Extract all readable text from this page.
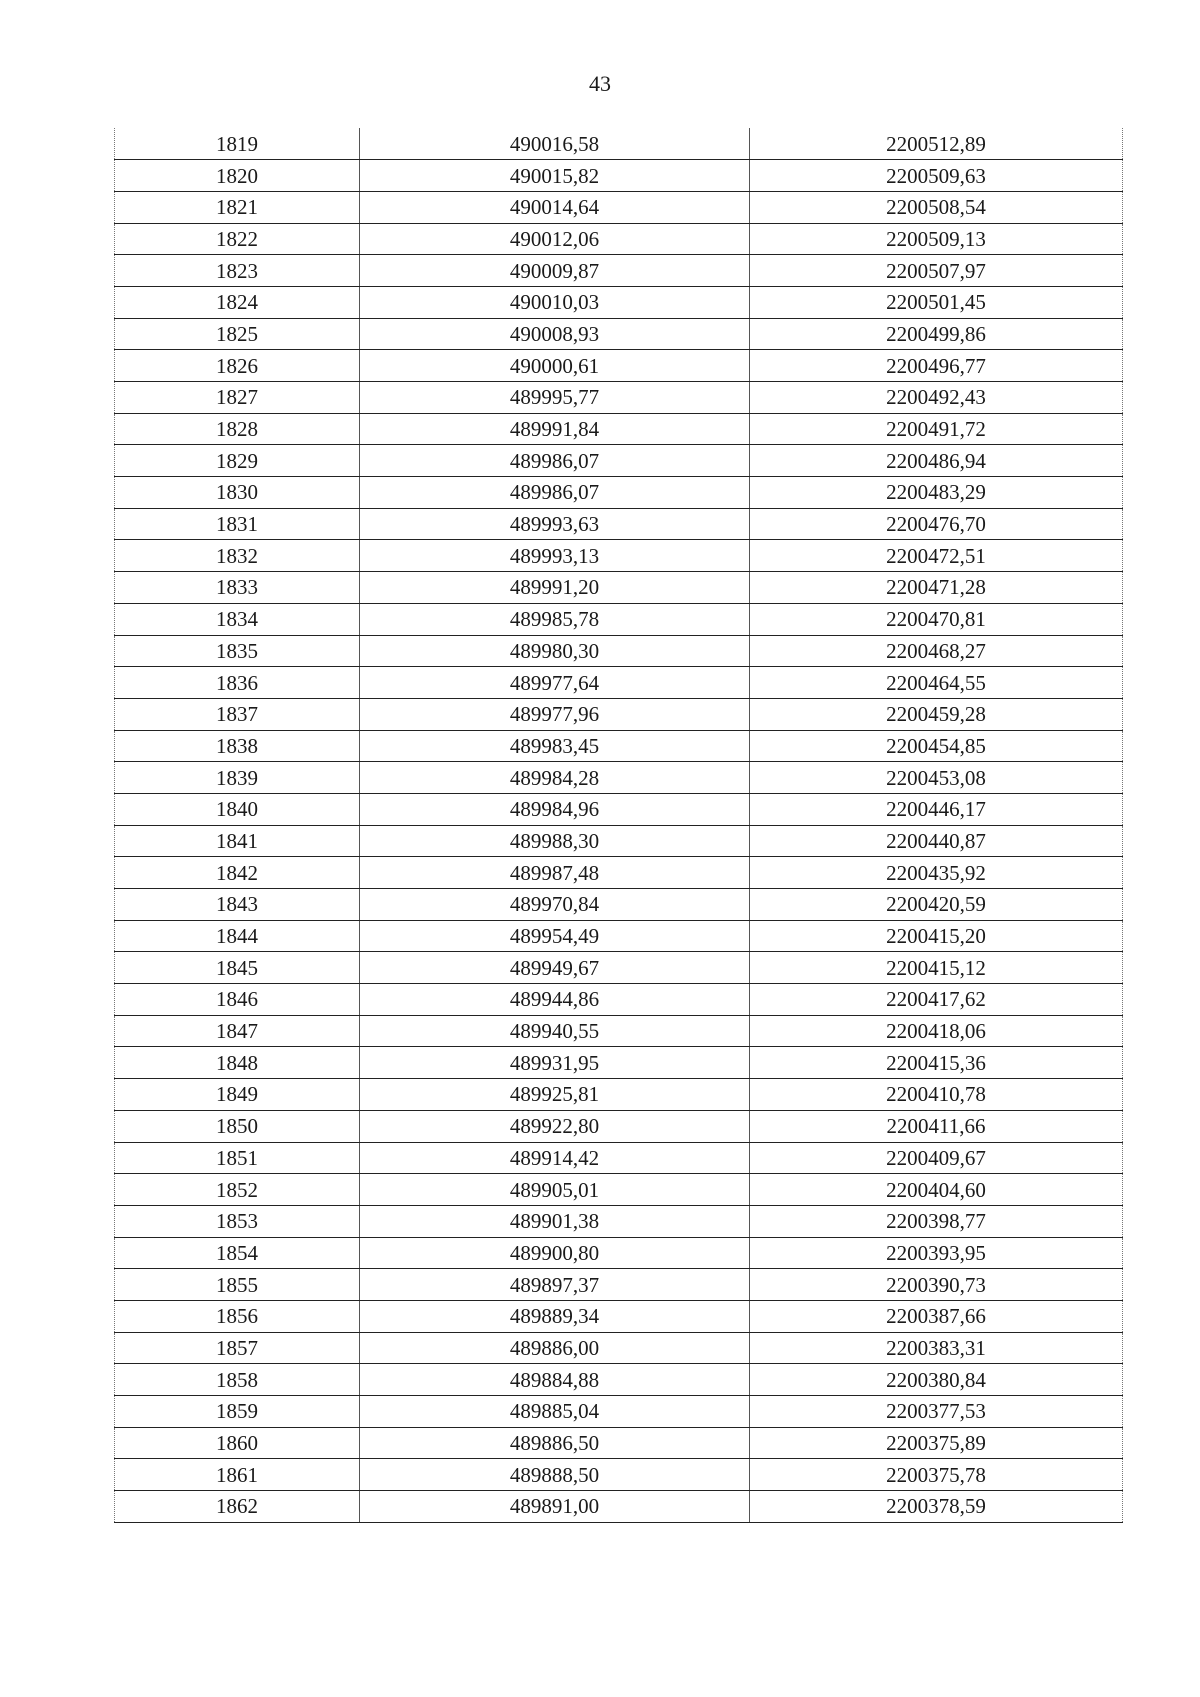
43
1819	490016,58	2200512,89
1820	490015,82	2200509,63
1821	490014,64	2200508,54
1822	490012,06	2200509,13
1823	490009,87	2200507,97
1824	490010,03	2200501,45
1825	490008,93	2200499,86
1826	490000,61	2200496,77
1827	489995,77	2200492,43
1828	489991,84	2200491,72
1829	489986,07	2200486,94
1830	489986,07	2200483,29
1831	489993,63	2200476,70
1832	489993,13	2200472,51
1833	489991,20	2200471,28
1834	489985,78	2200470,81
1835	489980,30	2200468,27
1836	489977,64	2200464,55
1837	489977,96	2200459,28
1838	489983,45	2200454,85
1839	489984,28	2200453,08
1840	489984,96	2200446,17
1841	489988,30	2200440,87
1842	489987,48	2200435,92
1843	489970,84	2200420,59
1844	489954,49	2200415,20
1845	489949,67	2200415,12
1846	489944,86	2200417,62
1847	489940,55	2200418,06
1848	489931,95	2200415,36
1849	489925,81	2200410,78
1850	489922,80	2200411,66
1851	489914,42	2200409,67
1852	489905,01	2200404,60
1853	489901,38	2200398,77
1854	489900,80	2200393,95
1855	489897,37	2200390,73
1856	489889,34	2200387,66
1857	489886,00	2200383,31
1858	489884,88	2200380,84
1859	489885,04	2200377,53
1860	489886,50	2200375,89
1861	489888,50	2200375,78
1862	489891,00	2200378,59
